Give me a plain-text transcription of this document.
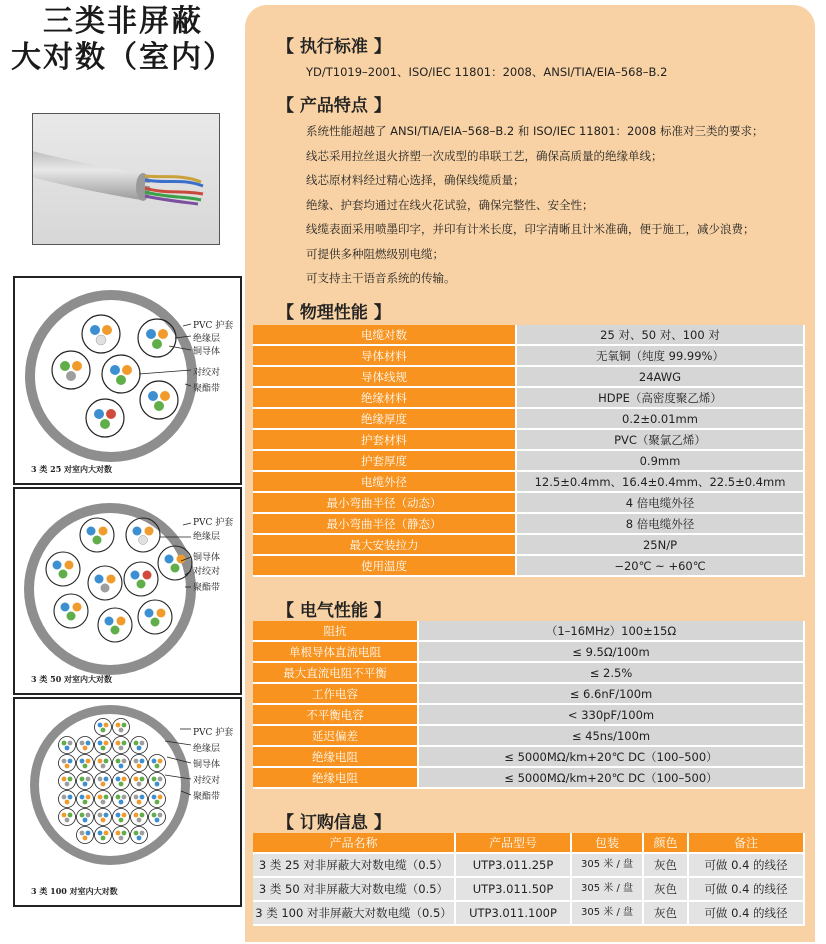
三类非屏蔽
大对数（室内）
PVC 护套
绝缘层
铜导体
对绞对
聚酯带
3 类 25 对室内大对数
PVC 护套
绝缘层
铜导体
对绞对
聚酯带
3 类 50 对室内大对数
PVC 护套
绝缘层
铜导体
对绞对
聚酯带
3 类 100 对室内大对数
【 执行标准 】
YD/T1019–2001、ISO/IEC 11801：2008、ANSI/TIA/EIA–568–B.2
【 产品特点 】
系统性能超越了 ANSI/TIA/EIA–568–B.2 和 ISO/IEC 11801：2008 标准对三类的要求；
线芯采用拉丝退火挤塑一次成型的串联工艺，确保高质量的绝缘单线；
线芯原材料经过精心选择，确保线缆质量；
绝缘、护套均通过在线火花试验，确保完整性、安全性；
线缆表面采用喷墨印字，并印有计米长度，印字清晰且计米准确，便于施工，减少浪费；
可提供多种阻燃级别电缆；
可支持主干语音系统的传输。
【 物理性能 】
电缆对数	25 对、50 对、100 对
导体材料	无氧铜（纯度 99.99%）
导体线规	24AWG
绝缘材料	HDPE（高密度聚乙烯）
绝缘厚度	0.2±0.01mm
护套材料	PVC（聚氯乙烯）
护套厚度	0.9mm
电缆外径	12.5±0.4mm、16.4±0.4mm、22.5±0.4mm
最小弯曲半径（动态）	4 倍电缆外径
最小弯曲半径（静态）	8 倍电缆外径
最大安装拉力	25N/P
使用温度	−20℃ ~ +60℃
【 电气性能 】
阻抗	（1–16MHz）100±15Ω
单根导体直流电阻	≤ 9.5Ω/100m
最大直流电阻不平衡	≤ 2.5%
工作电容	≤ 6.6nF/100m
不平衡电容	< 330pF/100m
延迟偏差	≤ 45ns/100m
绝缘电阻	≤ 5000MΩ/km+20℃ DC（100–500）
绝缘电阻	≤ 5000MΩ/km+20℃ DC（100–500）
【 订购信息 】
产品名称	产品型号	包装	颜色	备注
3 类 25 对非屏蔽大对数电缆（0.5）	UTP3.011.25P	305 米 / 盘	灰色	可做 0.4 的线径
3 类 50 对非屏蔽大对数电缆（0.5）	UTP3.011.50P	305 米 / 盘	灰色	可做 0.4 的线径
3 类 100 对非屏蔽大对数电缆（0.5）	UTP3.011.100P	305 米 / 盘	灰色	可做 0.4 的线径
